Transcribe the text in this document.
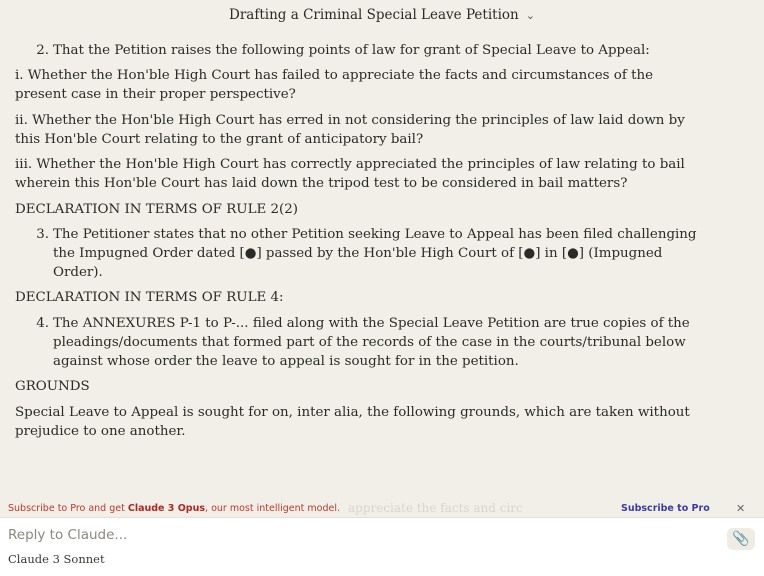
Drafting a Criminal Special Leave Petition ⌄

2. That the Petition raises the following points of law for grant of Special Leave to Appeal:

i. Whether the Hon'ble High Court has failed to appreciate the facts and circumstances of the present case in their proper perspective?

ii. Whether the Hon'ble High Court has erred in not considering the principles of law laid down by this Hon'ble Court relating to the grant of anticipatory bail?

iii. Whether the Hon'ble High Court has correctly appreciated the principles of law relating to bail wherein this Hon'ble Court has laid down the tripod test to be considered in bail matters?

DECLARATION IN TERMS OF RULE 2(2)

3. The Petitioner states that no other Petition seeking Leave to Appeal has been filed challenging the Impugned Order dated [●] passed by the Hon'ble High Court of [●] in [●] (Impugned Order).

DECLARATION IN TERMS OF RULE 4:

4. The ANNEXURES P-1 to P-... filed along with the Special Leave Petition are true copies of the pleadings/documents that formed part of the records of the case in the courts/tribunal below against whose order the leave to appeal is sought for in the petition.

GROUNDS

Special Leave to Appeal is sought for on, inter alia, the following grounds, which are taken without prejudice to one another.

Subscribe to Pro and get Claude 3 Opus, our most intelligent model. appreciate the facts and circ	Subscribe to Pro ✕
Reply to Claude...	📎
Claude 3 Sonnet
